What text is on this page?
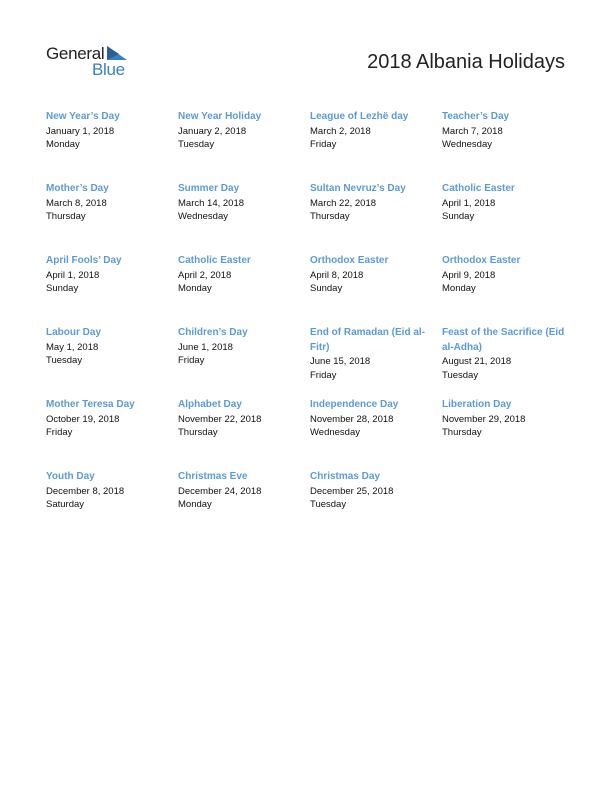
General
Blue	2018 Albania Holidays
New Year’s Day
January 1, 2018
Monday
New Year Holiday
January 2, 2018
Tuesday
League of Lezhë day
March 2, 2018
Friday
Teacher’s Day
March 7, 2018
Wednesday
Mother’s Day
March 8, 2018
Thursday
Summer Day
March 14, 2018
Wednesday
Sultan Nevruz’s Day
March 22, 2018
Thursday
Catholic Easter
April 1, 2018
Sunday
April Fools’ Day
April 1, 2018
Sunday
Catholic Easter
April 2, 2018
Monday
Orthodox Easter
April 8, 2018
Sunday
Orthodox Easter
April 9, 2018
Monday
Labour Day
May 1, 2018
Tuesday
Children’s Day
June 1, 2018
Friday
End of Ramadan (Eid al-Fitr)
June 15, 2018
Friday
Feast of the Sacrifice (Eid al-Adha)
August 21, 2018
Tuesday
Mother Teresa Day
October 19, 2018
Friday
Alphabet Day
November 22, 2018
Thursday
Independence Day
November 28, 2018
Wednesday
Liberation Day
November 29, 2018
Thursday
Youth Day
December 8, 2018
Saturday
Christmas Eve
December 24, 2018
Monday
Christmas Day
December 25, 2018
Tuesday
